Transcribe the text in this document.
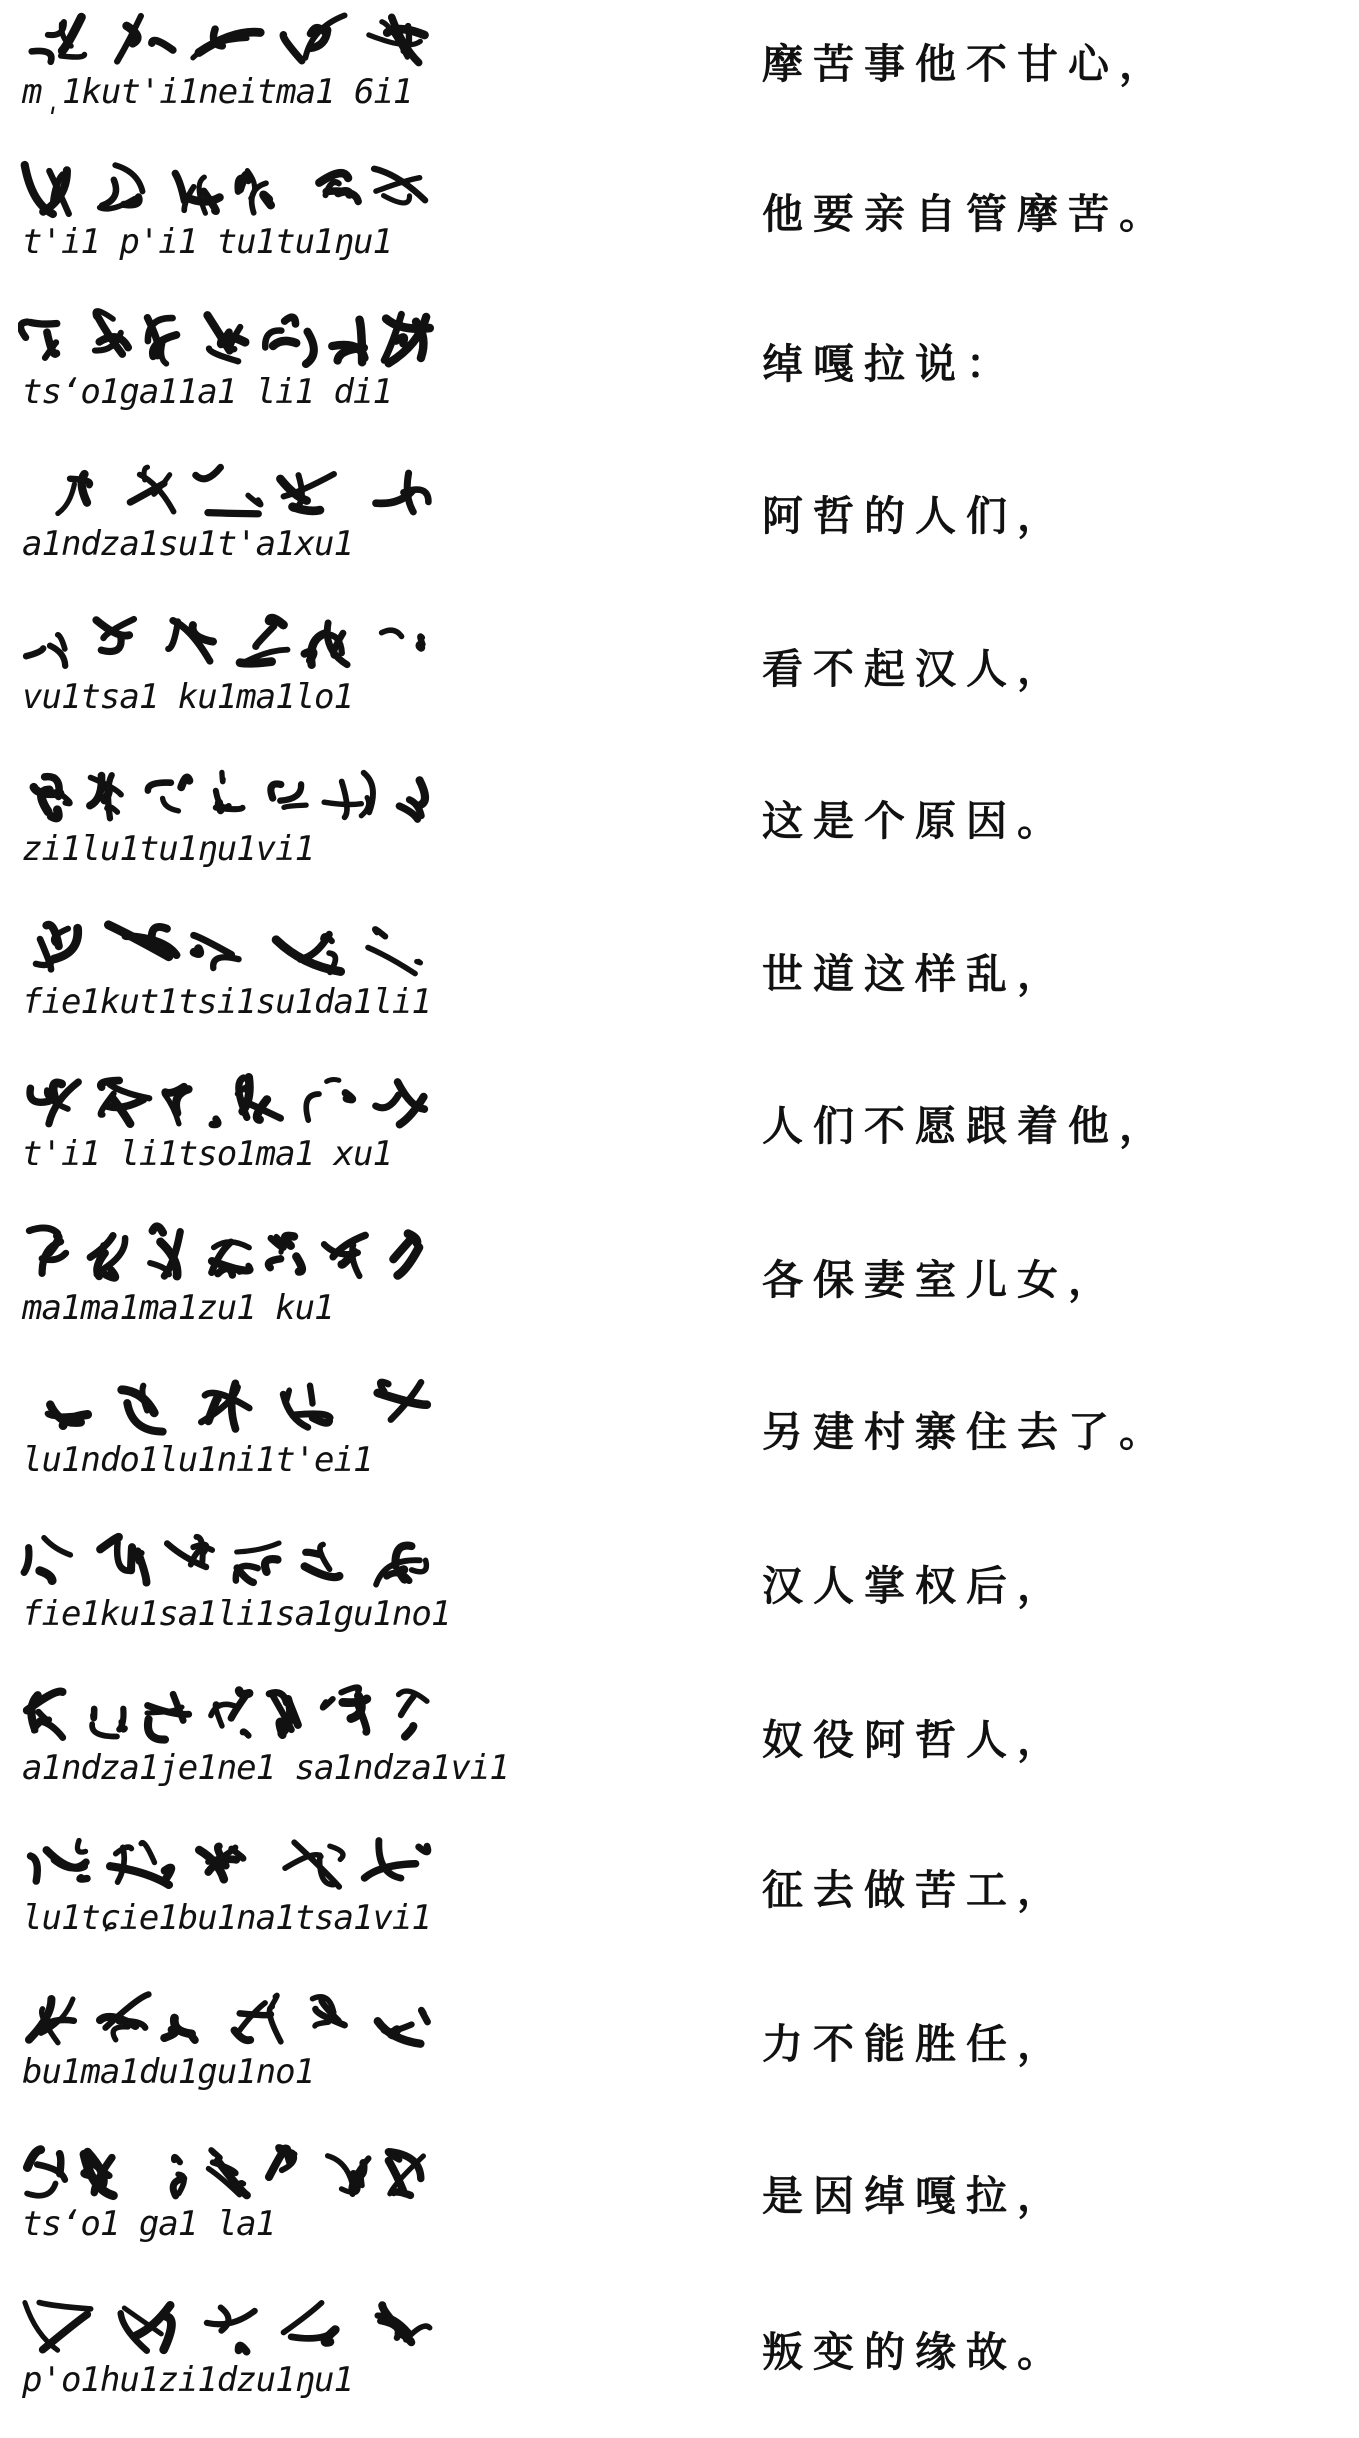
m̩1kut'i1neitma1 6i1
摩苦事他不甘心，
t'i1 p'i1 tu1tu1ŋu1
他要亲自管摩苦。
tsʻo1ga11a1 li1 di1
绰嘎拉说：
a1ndza1su1t'a1xu1
阿哲的人们，
vu1tsa1 ku1ma1lo1
看不起汉人，
zi1lu1tu1ŋu1vi1
这是个原因。
fie1kut1tsi1su1da1li1
世道这样乱，
t'i1 li1tso1ma1 xu1
人们不愿跟着他，
ma1ma1ma1zu1 ku1
各保妻室儿女，
lu1ndo1lu1ni1t'ei1
另建村寨住去了。
fie1ku1sa1li1sa1gu1no1
汉人掌权后，
a1ndza1je1ne1 sa1ndza1vi1
奴役阿哲人，
lu1tɕie1bu1na1tsa1vi1
征去做苦工，
bu1ma1du1gu1no1
力不能胜任，
tsʻo1 ga1 la1
是因绰嘎拉，
p'o1hu1zi1dzu1ŋu1
叛变的缘故。
